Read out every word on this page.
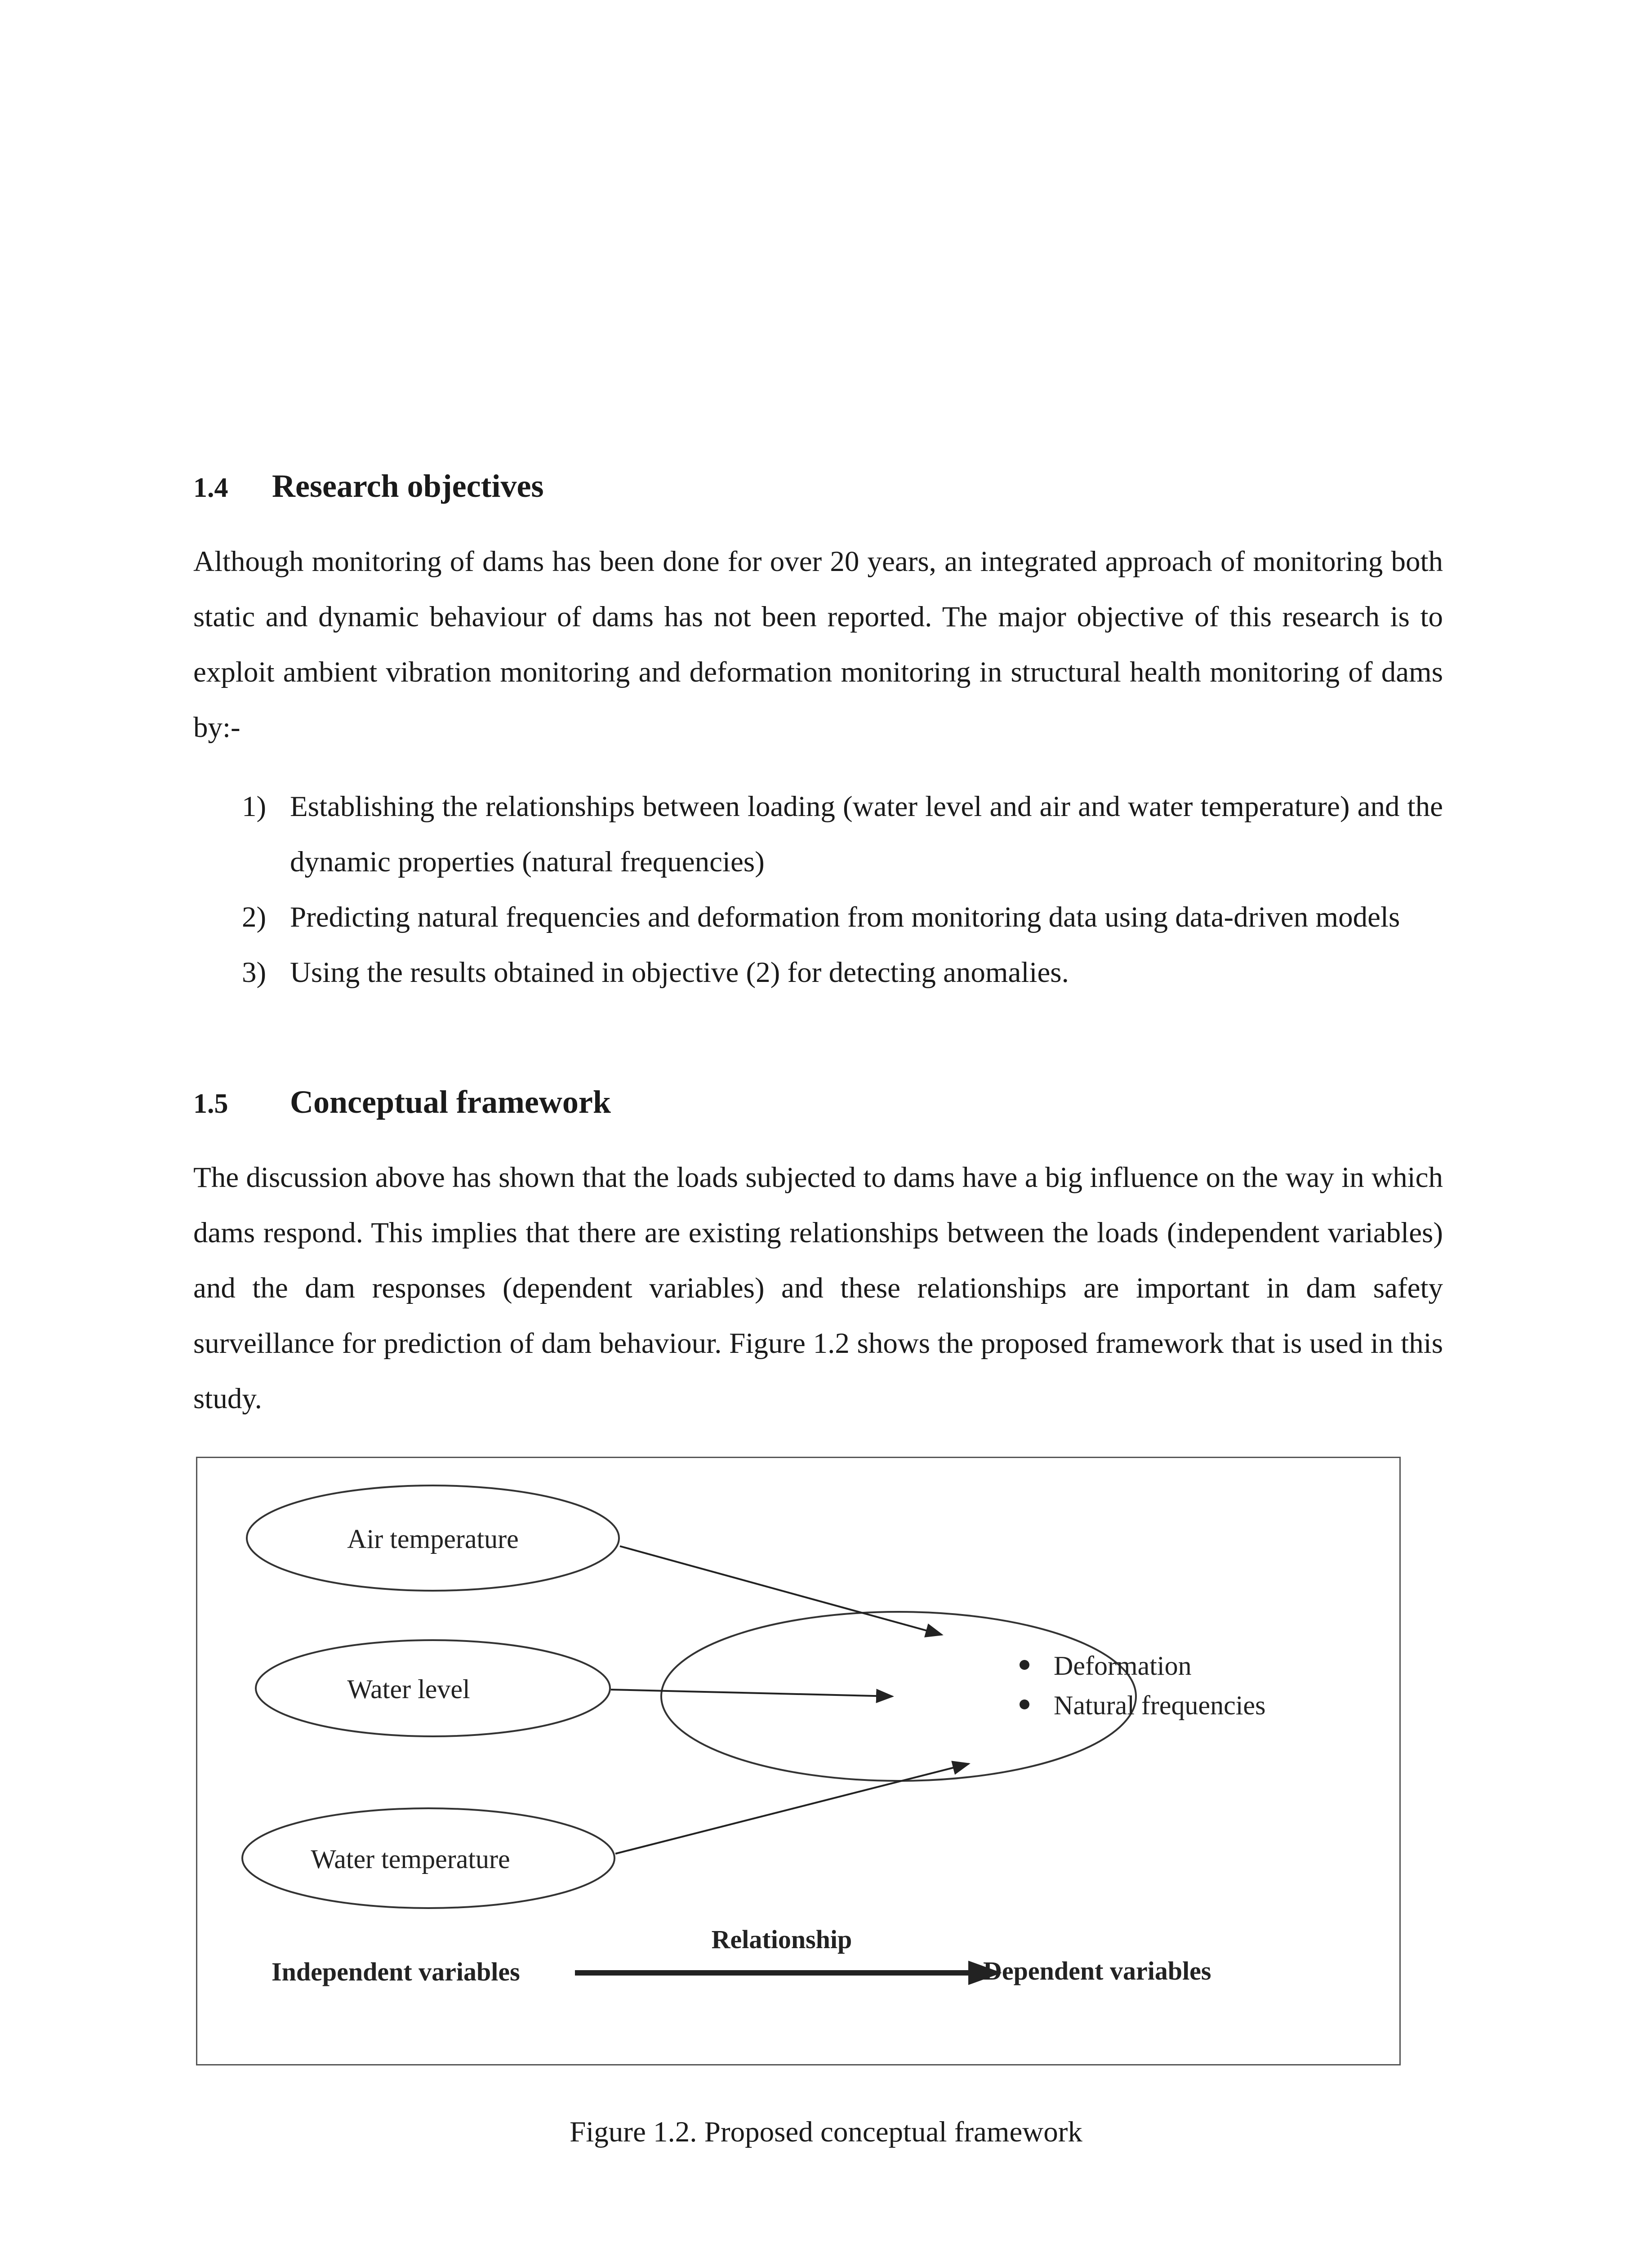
1.4 Research objectives

Although monitoring of dams has been done for over 20 years, an integrated approach of monitoring both static and dynamic behaviour of dams has not been reported. The major objective of this research is to exploit ambient vibration monitoring and deformation monitoring in structural health monitoring of dams by:-

1) Establishing the relationships between loading (water level and air and water temperature) and the dynamic properties (natural frequencies)
2) Predicting natural frequencies and deformation from monitoring data using data-driven models
3) Using the results obtained in objective (2) for detecting anomalies.
1.5 Conceptual framework

The discussion above has shown that the loads subjected to dams have a big influence on the way in which dams respond. This implies that there are existing relationships between the loads (independent variables) and the dam responses (dependent variables) and these relationships are important in dam safety surveillance for prediction of dam behaviour. Figure 1.2 shows the proposed framework that is used in this study.

Air temperature
Water level
Water temperature
Deformation
Natural frequencies
Relationship
Independent variables	Dependent variables
Figure 1.2. Proposed conceptual framework
